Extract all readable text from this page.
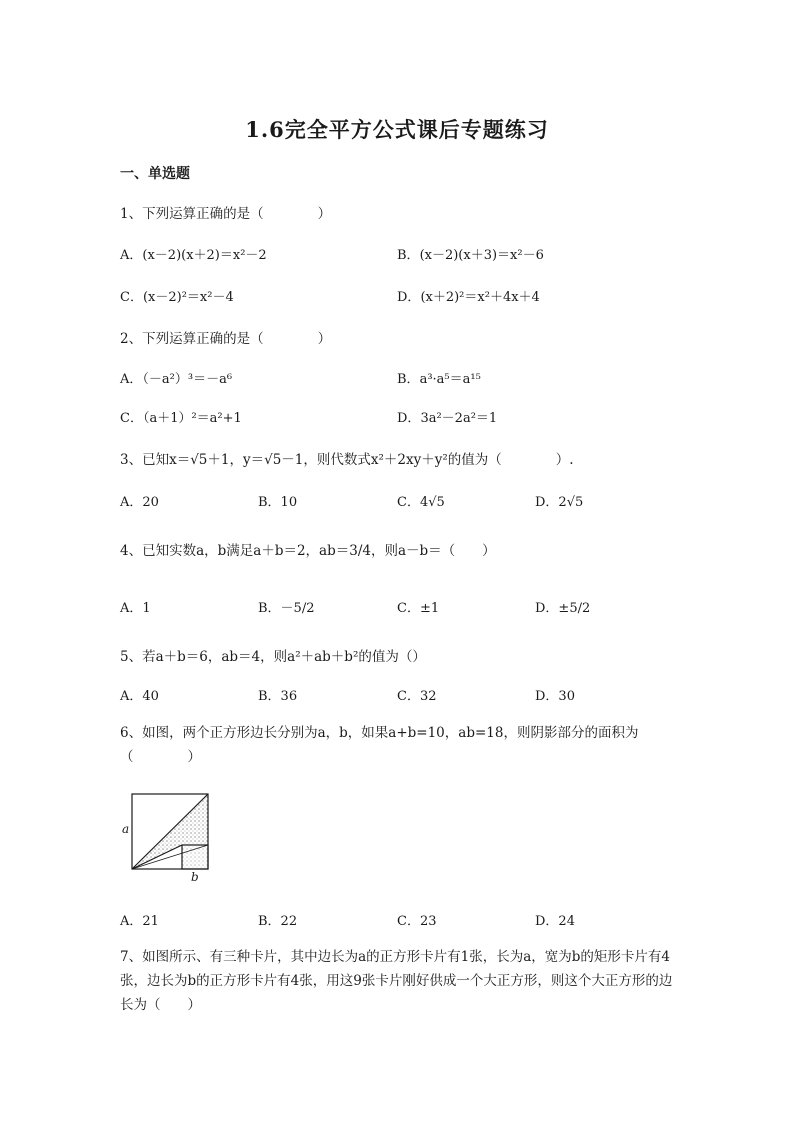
1.6完全平方公式课后专题练习
一、单选题
1、下列运算正确的是（　　　　）
A．(x－2)(x＋2)＝x²－2	B．(x－2)(x＋3)＝x²－6
C．(x－2)²＝x²－4	D．(x＋2)²＝x²＋4x＋4
2、下列运算正确的是（　　　　）
A．（－a²）³＝－a⁶	B．a³·a⁵＝a¹⁵
C．（a＋1）²＝a²+1	D．3a²－2a²＝1
3、已知x＝√5＋1，y＝√5－1，则代数式x²＋2xy＋y²的值为（　　　　）.
A．20	B．10	C．4√5	D．2√5
4、已知实数a，b满足a＋b＝2，ab＝3/4，则a－b＝（　　）
A．1	B．－5/2	C．±1	D．±5/2
5、若a＋b＝6，ab＝4，则a²＋ab＋b²的值为（）
A．40	B．36	C．32	D．30
6、如图，两个正方形边长分别为a，b，如果a+b=10，ab=18，则阴影部分的面积为（　　　　）
a
b
A．21	B．22	C．23	D．24
7、如图所示、有三种卡片，其中边长为a的正方形卡片有1张，长为a，宽为b的矩形卡片有4张，边长为b的正方形卡片有4张，用这9张卡片刚好供成一个大正方形，则这个大正方形的边长为（　　）
